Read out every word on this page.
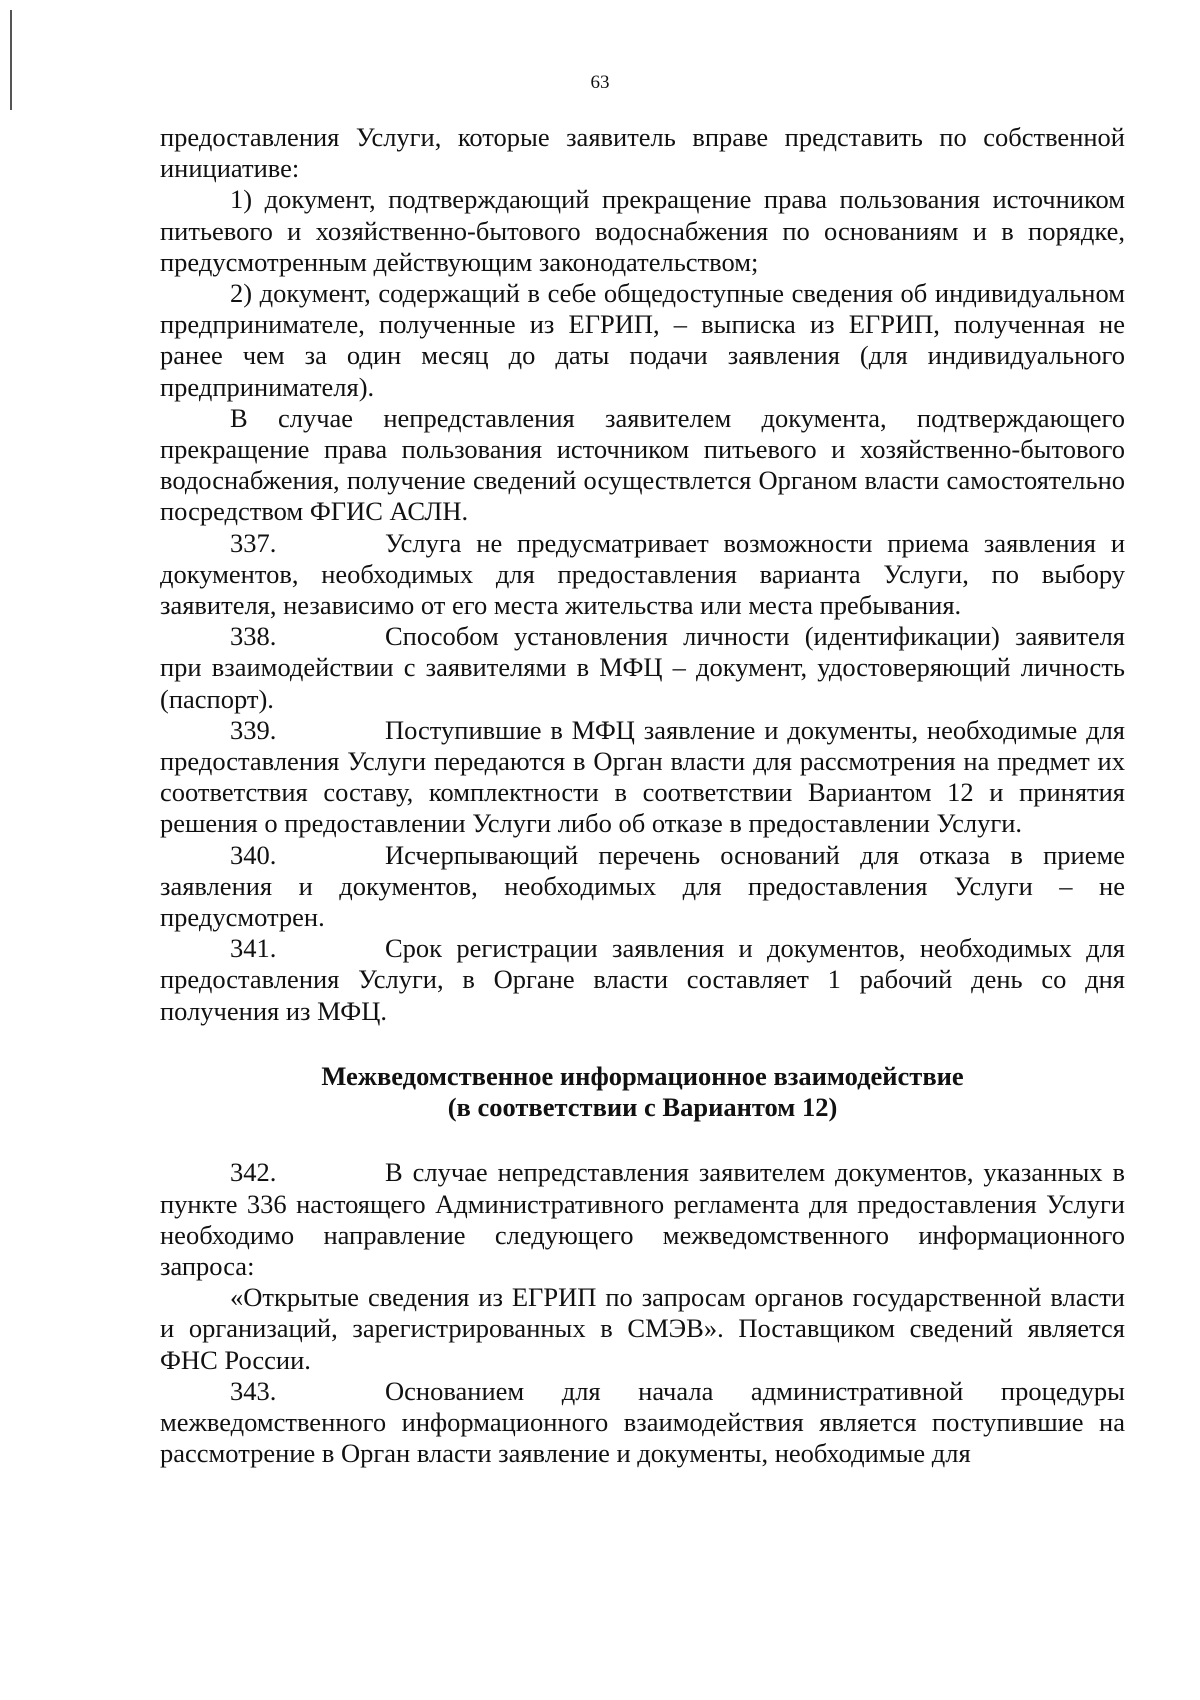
63

предоставления Услуги, которые заявитель вправе представить по собственной инициативе:

1) документ, подтверждающий прекращение права пользования источником питьевого и хозяйственно-бытового водоснабжения по основаниям и в порядке, предусмотренным действующим законодательством;

2) документ, содержащий в себе общедоступные сведения об индивидуальном предпринимателе, полученные из ЕГРИП, – выписка из ЕГРИП, полученная не ранее чем за один месяц до даты подачи заявления (для индивидуального предпринимателя).

В случае непредставления заявителем документа, подтверждающего прекращение права пользования источником питьевого и хозяйственно-бытового водоснабжения, получение сведений осуществлется Органом власти самостоятельно посредством ФГИС АСЛН.

337.	Услуга не предусматривает возможности приема заявления и документов, необходимых для предоставления варианта Услуги, по выбору заявителя, независимо от его места жительства или места пребывания.

338.	Способом установления личности (идентификации) заявителя при взаимодействии с заявителями в МФЦ – документ, удостоверяющий личность (паспорт).

339.	Поступившие в МФЦ заявление и документы, необходимые для предоставления Услуги передаются в Орган власти для рассмотрения на предмет их соответствия составу, комплектности в соответствии Вариантом 12 и принятия решения о предоставлении Услуги либо об отказе в предоставлении Услуги.

340.	Исчерпывающий перечень оснований для отказа в приеме заявления и документов, необходимых для предоставления Услуги – не предусмотрен.

341.	Срок регистрации заявления и документов, необходимых для предоставления Услуги, в Органе власти составляет 1 рабочий день со дня получения из МФЦ.

Межведомственное информационное взаимодействие
(в соответствии с Вариантом 12)

342.	В случае непредставления заявителем документов, указанных в пункте 336 настоящего Административного регламента для предоставления Услуги необходимо направление следующего межведомственного информационного запроса:

«Открытые сведения из ЕГРИП по запросам органов государственной власти и организаций, зарегистрированных в СМЭВ». Поставщиком сведений является ФНС России.

343.	Основанием для начала административной процедуры межведомственного информационного взаимодействия является поступившие на рассмотрение в Орган власти заявление и документы, необходимые для
